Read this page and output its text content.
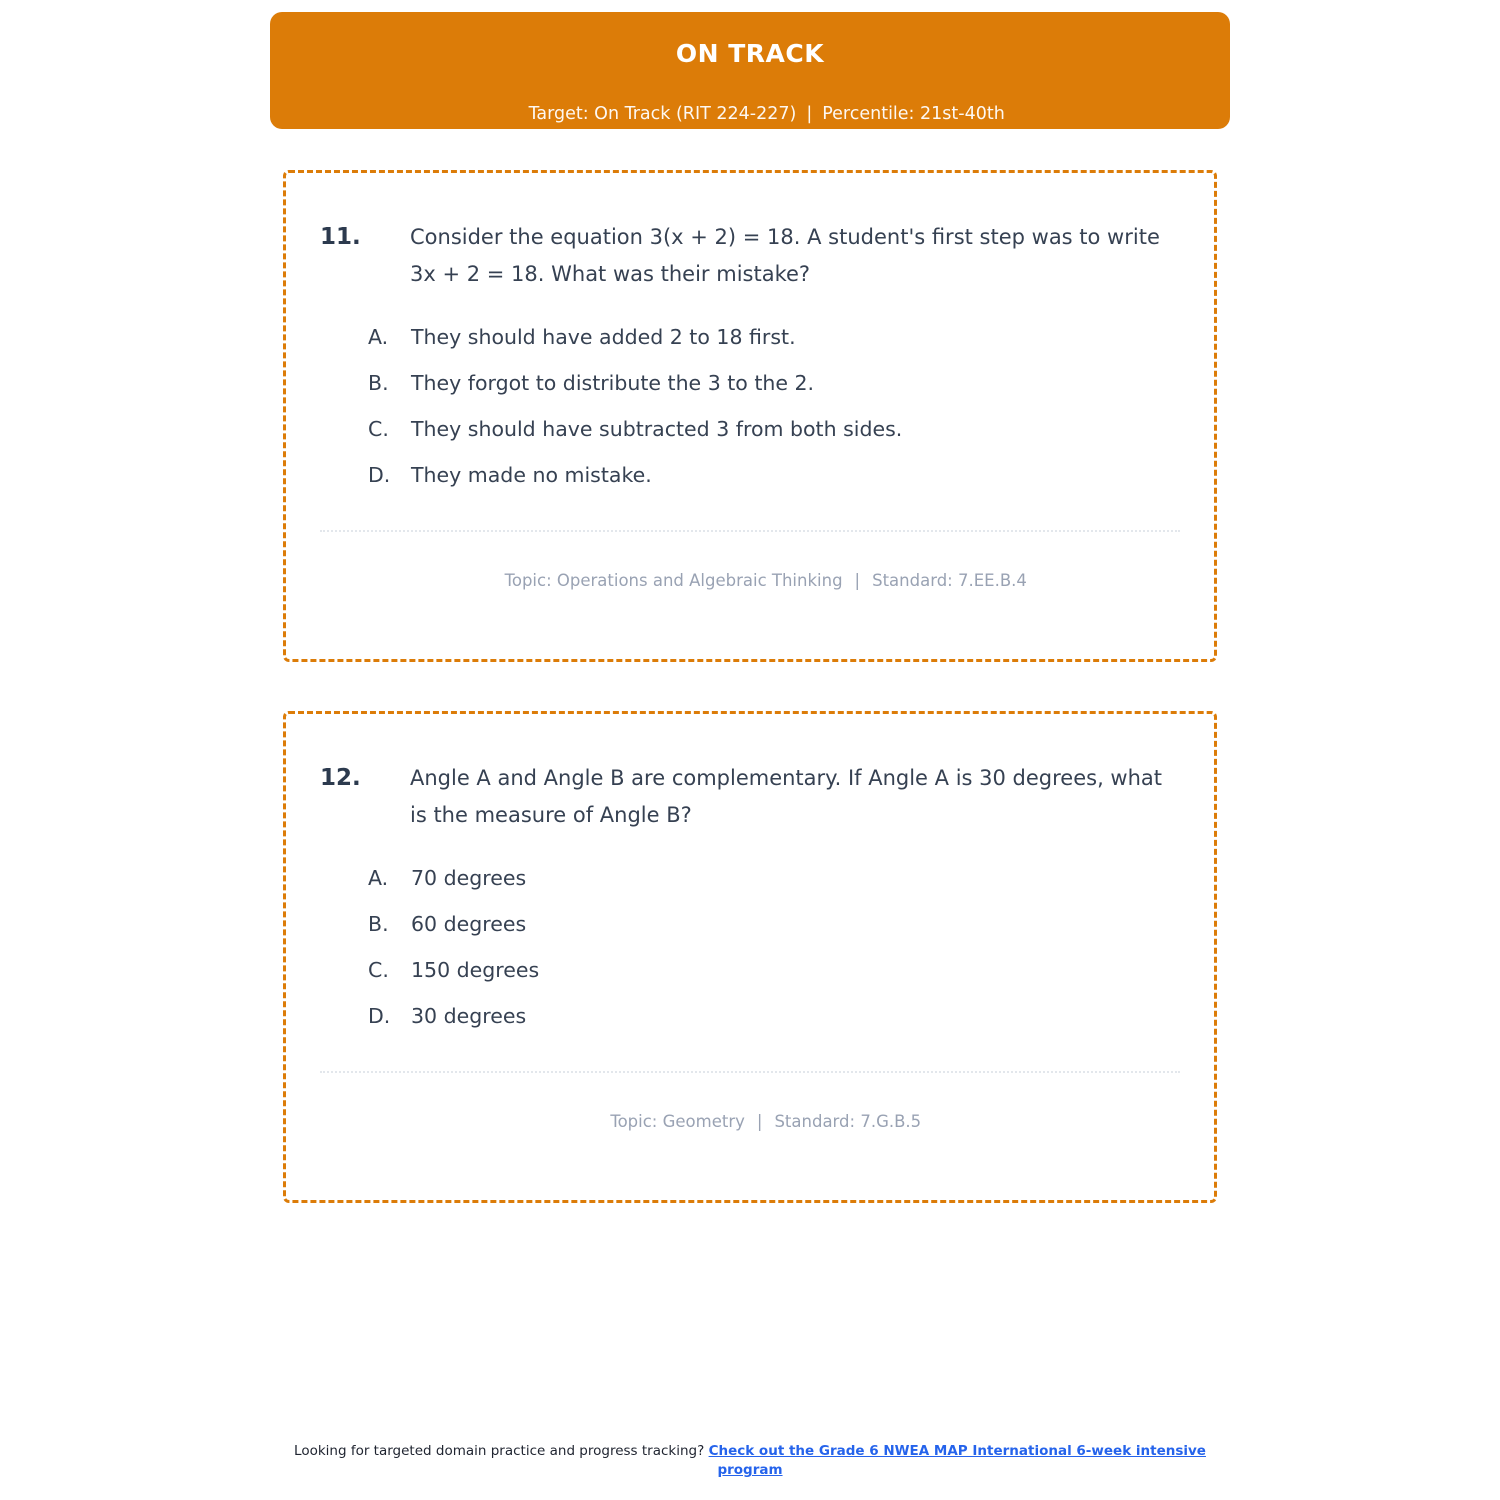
ON TRACK

Target: On Track (RIT 224-227) | Percentile: 21st-40th

11.	Consider the equation 3(x + 2) = 18. A student's first step was to write 3x + 2 = 18. What was their mistake?
A.	They should have added 2 to 18 first.
B.	They forgot to distribute the 3 to the 2.
C.	They should have subtracted 3 from both sides.
D.	They made no mistake.

Topic: Operations and Algebraic Thinking | Standard: 7.EE.B.4

12.	Angle A and Angle B are complementary. If Angle A is 30 degrees, what is the measure of Angle B?
A.	70 degrees
B.	60 degrees
C.	150 degrees
D.	30 degrees

Topic: Geometry | Standard: 7.G.B.5

Looking for targeted domain practice and progress tracking? Check out the Grade 6 NWEA MAP International 6-week intensive program
